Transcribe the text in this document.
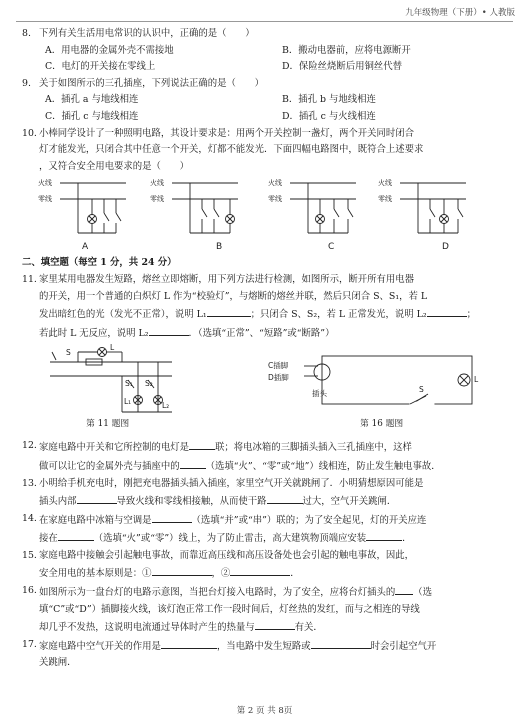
九年级物理（下册）• 人教版
8. 下列有关生活用电常识的认识中，正确的是（　　）
A．用电器的金属外壳不需接地	B．搬动电器前，应将电源断开
C．电灯的开关接在零线上	D．保险丝烧断后用铜丝代替
9. 关于如图所示的三孔插座，下列说法正确的是（　　）
A．插孔 a 与地线相连	B．插孔 b 与地线相连
C．插孔 c 与地线相连	D．插孔 c 与火线相连
10. 小棒同学设计了一种照明电路，其设计要求是：用两个开关控制一盏灯，两个开关同时闭合
灯才能发光，只闭合其中任意一个开关，灯都不能发光．下面四幅电路图中，既符合上述要求
，又符合安全用电要求的是（　　）
火线
零线
火线
零线
火线
零线
火线
零线
A	B	C	D
二、填空题（每空 1 分，共 24 分）
11. 家里某用电器发生短路，熔丝立即熔断，用下列方法进行检测，如图所示，断开所有用电器
的开关，用一个普通的白炽灯 L 作为“校验灯”，与熔断的熔丝并联，然后只闭合 S、S₁，若 L
发出暗红色的光（发光不正常），说明 L₁	；只闭合 S、S₂，若 L 正常发光，说明 L₂	；
若此时 L 无反应，说明 L₂	．（选填“正常”、“短路”或“断路”）
S
L
S₁ S₂
L₁	L₂
C插脚
D插脚
插头	S
L
第 11 题图	第 16 题图
12. 家庭电路中开关和它所控制的电灯是	联；将电冰箱的三脚插头插入三孔插座中，这样
做可以让它的金属外壳与插座中的	（选填“火”、“零”或“地”）线相连，防止发生触电事故．
13. 小明给手机充电时，刚把充电器插头插入插座，家里空气开关就跳闸了．小明猜想原因可能是
插头内部	导致火线和零线相接触，从而使干路	过大，空气开关跳闸．
14. 在家庭电路中冰箱与空调是	（选填“并”或“串”）联的；为了安全起见，灯的开关应连
接在	（选填“火”或“零”）线上，为了防止雷击，高大建筑物顶端应安装	．
15. 家庭电路中接触会引起触电事故，而靠近高压线和高压设备处也会引起的触电事故，因此，
安全用电的基本原则是：①	，②	．
16. 如图所示为一盘台灯的电路示意图，当把台灯接入电路时，为了安全，应将台灯插头的 （选
填“C”或“D”）插脚接火线，该灯泡正常工作一段时间后，灯丝热的发红，而与之相连的导线
却几乎不发热，这说明电流通过导体时产生的热量与	有关．
17. 家庭电路中空气开关的作用是	，当电路中发生短路或	时会引起空气开
关跳闸．
第 2 页 共 8页
